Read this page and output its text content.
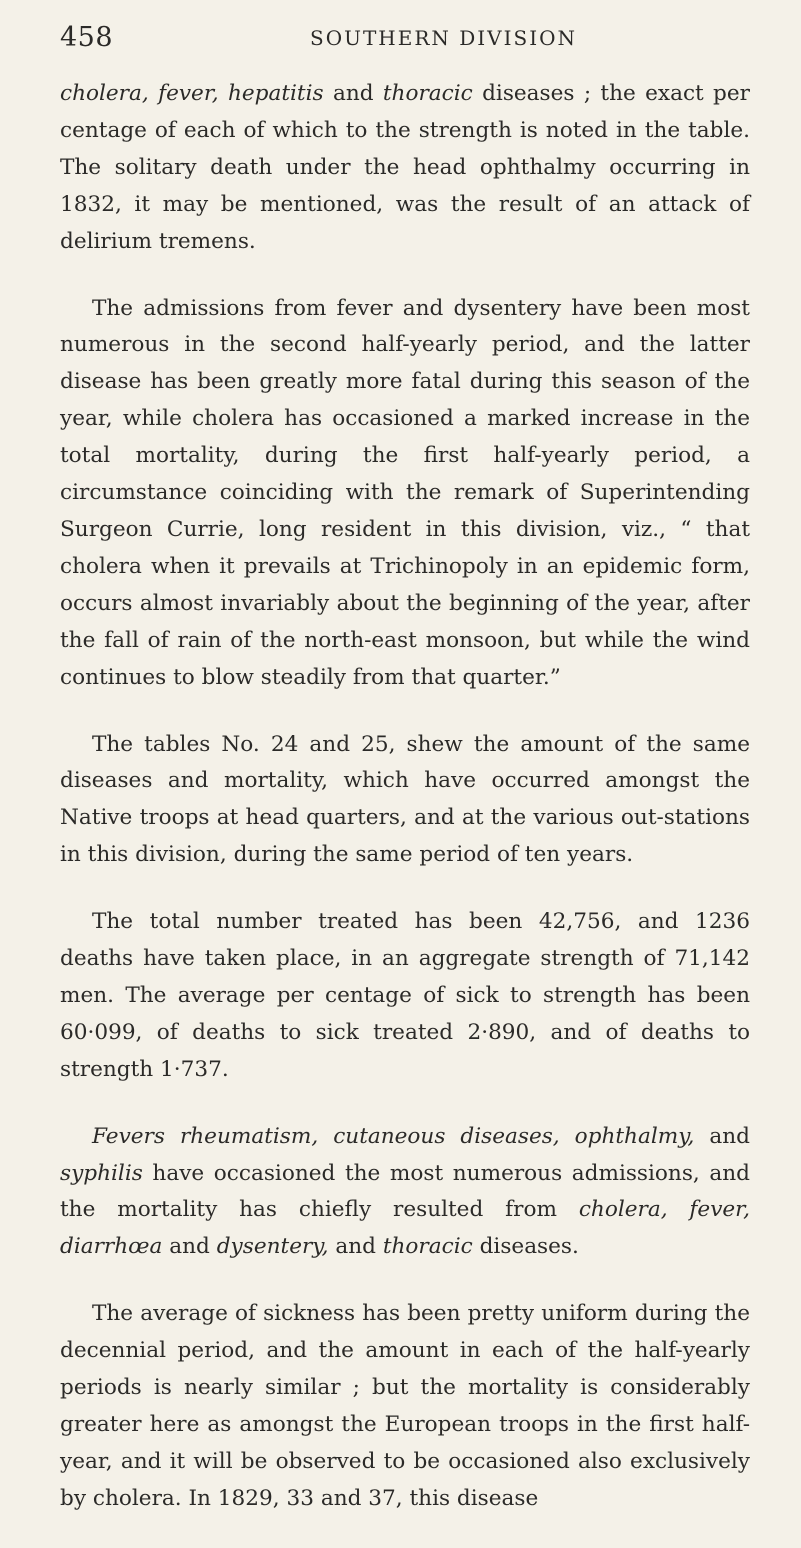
458	SOUTHERN DIVISION

cholera, fever, hepatitis and thoracic diseases ; the exact per centage of each of which to the strength is noted in the table. The solitary death under the head ophthalmy occurring in 1832, it may be mentioned, was the result of an attack of delirium tremens.

The admissions from fever and dysentery have been most numerous in the second half-yearly period, and the latter disease has been greatly more fatal during this season of the year, while cholera has occasioned a marked increase in the total mortality, during the first half-yearly period, a circumstance coinciding with the remark of Superintending Surgeon Currie, long resident in this division, viz., “ that cholera when it prevails at Trichinopoly in an epidemic form, occurs almost invariably about the beginning of the year, after the fall of rain of the north-east monsoon, but while the wind continues to blow steadily from that quarter.”

The tables No. 24 and 25, shew the amount of the same diseases and mortality, which have occurred amongst the Native troops at head quarters, and at the various out-stations in this division, during the same period of ten years.

The total number treated has been 42,756, and 1236 deaths have taken place, in an aggregate strength of 71,142 men. The average per centage of sick to strength has been 60·099, of deaths to sick treated 2·890, and of deaths to strength 1·737.

Fevers rheumatism, cutaneous diseases, ophthalmy, and syphilis have occasioned the most numerous admissions, and the mortality has chiefly resulted from cholera, fever, diarrhœa and dysentery, and thoracic diseases.

The average of sickness has been pretty uniform during the decennial period, and the amount in each of the half-yearly periods is nearly similar ; but the mortality is considerably greater here as amongst the European troops in the first half-year, and it will be observed to be occasioned also exclusively by cholera. In 1829, 33 and 37, this disease
